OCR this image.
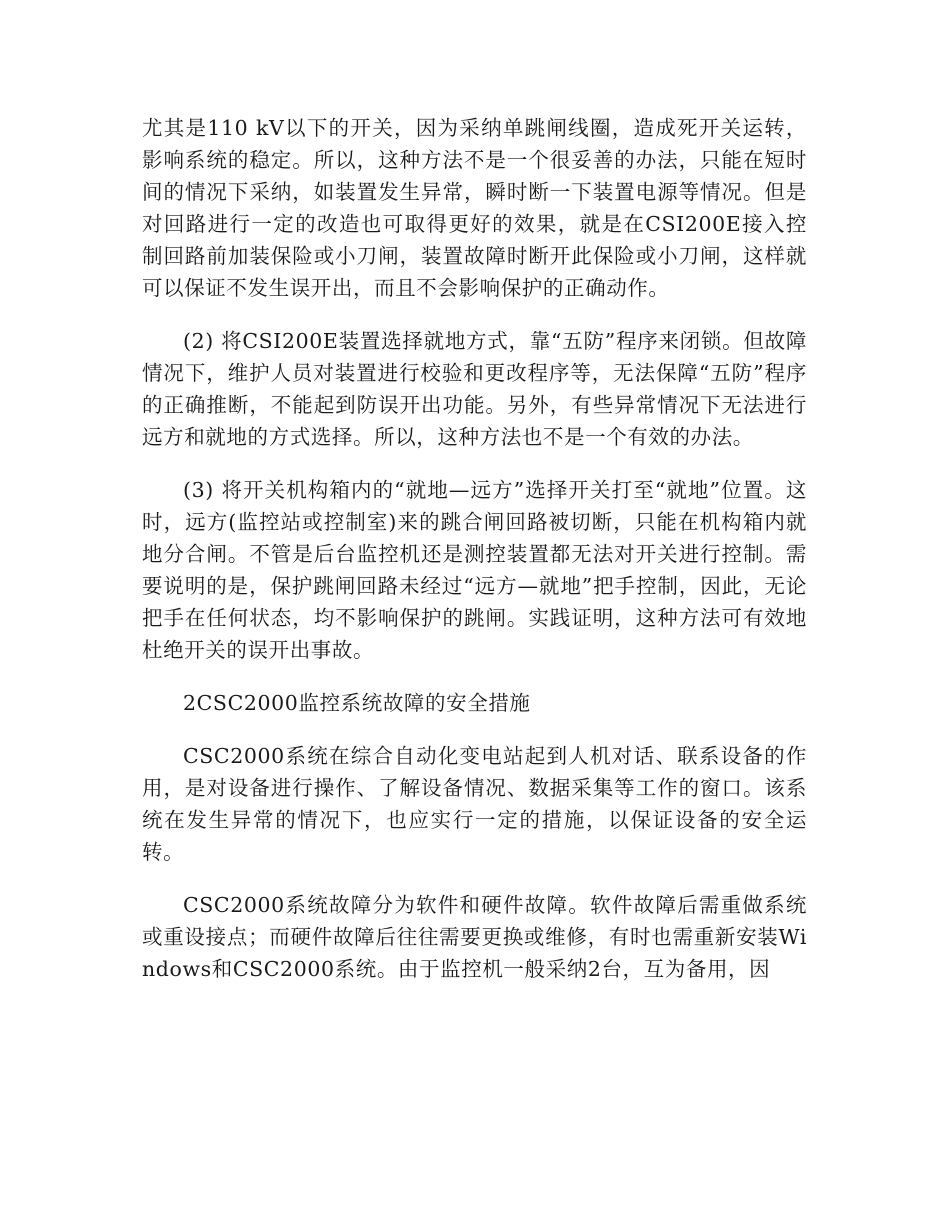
尤其是110 kV以下的开关，因为采纳单跳闸线圈，造成死开关运转，影响系统的稳定。所以，这种方法不是一个很妥善的办法，只能在短时间的情况下采纳，如装置发生异常，瞬时断一下装置电源等情况。但是对回路进行一定的改造也可取得更好的效果，就是在CSI200E接入控制回路前加装保险或小刀闸，装置故障时断开此保险或小刀闸，这样就可以保证不发生误开出，而且不会影响保护的正确动作。

(2) 将CSI200E装置选择就地方式，靠“五防”程序来闭锁。但故障情况下，维护人员对装置进行校验和更改程序等，无法保障“五防”程序的正确推断，不能起到防误开出功能。另外，有些异常情况下无法进行远方和就地的方式选择。所以，这种方法也不是一个有效的办法。

(3) 将开关机构箱内的“就地—远方”选择开关打至“就地”位置。这时，远方(监控站或控制室)来的跳合闸回路被切断，只能在机构箱内就地分合闸。不管是后台监控机还是测控装置都无法对开关进行控制。需要说明的是，保护跳闸回路未经过“远方—就地”把手控制，因此，无论把手在任何状态，均不影响保护的跳闸。实践证明，这种方法可有效地杜绝开关的误开出事故。

2CSC2000监控系统故障的安全措施

CSC2000系统在综合自动化变电站起到人机对话、联系设备的作用，是对设备进行操作、了解设备情况、数据采集等工作的窗口。该系统在发生异常的情况下，也应实行一定的措施，以保证设备的安全运转。

CSC2000系统故障分为软件和硬件故障。软件故障后需重做系统或重设接点；而硬件故障后往往需要更换或维修，有时也需重新安装Windows和CSC2000系统。由于监控机一般采纳2台，互为备用，因
